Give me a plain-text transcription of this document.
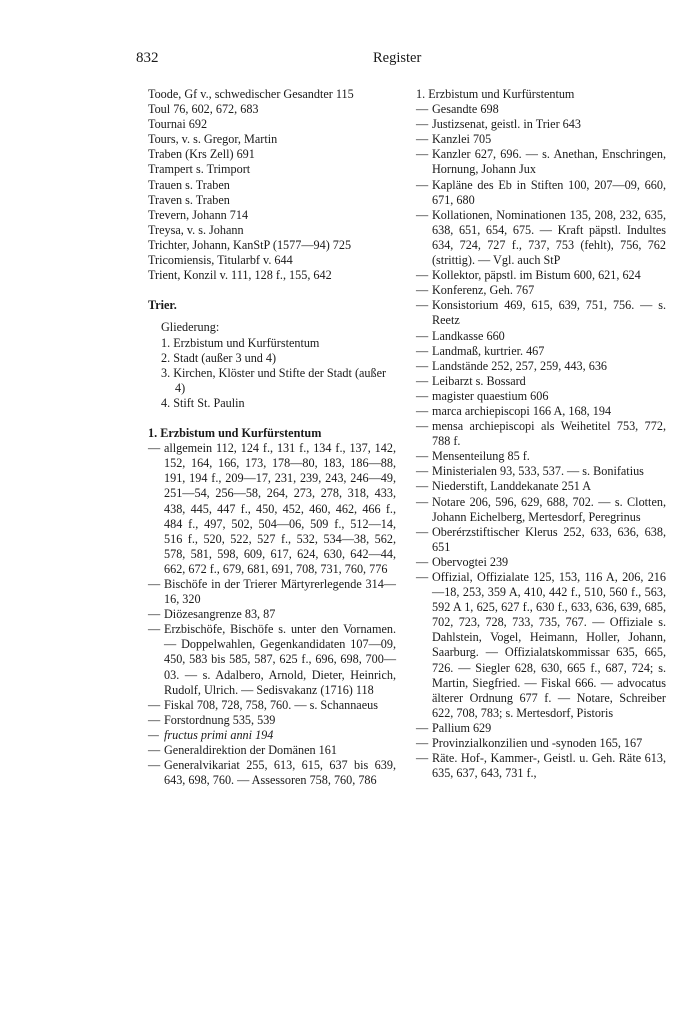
832	Register
Toode, Gf v., schwedischer Gesandter 115
Toul 76, 602, 672, 683
Tournai 692
Tours, v. s. Gregor, Martin
Traben (Krs Zell) 691
Trampert s. Trimport
Trauen s. Traben
Traven s. Traben
Trevern, Johann 714
Treysa, v. s. Johann
Trichter, Johann, KanStP (1577—94) 725
Tricomiensis, Titularbf v. 644
Trient, Konzil v. 111, 128 f., 155, 642
Trier.
Gliederung:
1. Erzbistum und Kurfürstentum
2. Stadt (außer 3 und 4)
3. Kirchen, Klöster und Stifte der Stadt (außer 4)
4. Stift St. Paulin
1. Erzbistum und Kurfürstentum
— allgemein 112, 124 f., 131 f., 134 f., 137, 142, 152, 164, 166, 173, 178—80, 183, 186—88, 191, 194 f., 209—17, 231, 239, 243, 246—49, 251—54, 256—58, 264, 273, 278, 318, 433, 438, 445, 447 f., 450, 452, 460, 462, 466 f., 484 f., 497, 502, 504—06, 509 f., 512—14, 516 f., 520, 522, 527 f., 532, 534—38, 562, 578, 581, 598, 609, 617, 624, 630, 642—44, 662, 672 f., 679, 681, 691, 708, 731, 760, 776
— Bischöfe in der Trierer Märtyrerlegende 314—16, 320
— Diözesangrenze 83, 87
— Erzbischöfe, Bischöfe s. unter den Vornamen. — Doppelwahlen, Gegenkandidaten 107—09, 450, 583 bis 585, 587, 625 f., 696, 698, 700—03. — s. Adalbero, Arnold, Dieter, Heinrich, Rudolf, Ulrich. — Sedisvakanz (1716) 118
— Fiskal 708, 728, 758, 760. — s. Schannaeus
— Forstordnung 535, 539
— fructus primi anni 194
— Generaldirektion der Domänen 161
— Generalvikariat 255, 613, 615, 637 bis 639, 643, 698, 760. — Assessoren 758, 760, 786
1. Erzbistum und Kurfürstentum
— Gesandte 698
— Justizsenat, geistl. in Trier 643
— Kanzlei 705
— Kanzler 627, 696. — s. Anethan, Enschringen, Hornung, Johann Jux
— Kapläne des Eb in Stiften 100, 207—09, 660, 671, 680
— Kollationen, Nominationen 135, 208, 232, 635, 638, 651, 654, 675. — Kraft päpstl. Indultes 634, 724, 727 f., 737, 753 (fehlt), 756, 762 (strittig). — Vgl. auch StP
— Kollektor, päpstl. im Bistum 600, 621, 624
— Konferenz, Geh. 767
— Konsistorium 469, 615, 639, 751, 756. — s. Reetz
— Landkasse 660
— Landmaß, kurtrier. 467
— Landstände 252, 257, 259, 443, 636
— Leibarzt s. Bossard
— magister quaestium 606
— marca archiepiscopi 166 A, 168, 194
— mensa archiepiscopi als Weihetitel 753, 772, 788 f.
— Mensenteilung 85 f.
— Ministerialen 93, 533, 537. — s. Bonifatius
— Niederstift, Landdekanate 251 A
— Notare 206, 596, 629, 688, 702. — s. Clotten, Johann Eichelberg, Mertesdorf, Peregrinus
— Oberérzstiftischer Klerus 252, 633, 636, 638, 651
— Obervogtei 239
— Offizial, Offizialate 125, 153, 116 A, 206, 216—18, 253, 359 A, 410, 442 f., 510, 560 f., 563, 592 A 1, 625, 627 f., 630 f., 633, 636, 639, 685, 702, 723, 728, 733, 735, 767. — Offiziale s. Dahlstein, Vogel, Heimann, Holler, Johann, Saarburg. — Offizialatskommissar 635, 665, 726. — Siegler 628, 630, 665 f., 687, 724; s. Martin, Siegfried. — Fiskal 666. — advocatus älterer Ordnung 677 f. — Notare, Schreiber 622, 708, 783; s. Mertesdorf, Pistoris
— Pallium 629
— Provinzialkonzilien und -synoden 165, 167
— Räte. Hof-, Kammer-, Geistl. u. Geh. Räte 613, 635, 637, 643, 731 f.,
